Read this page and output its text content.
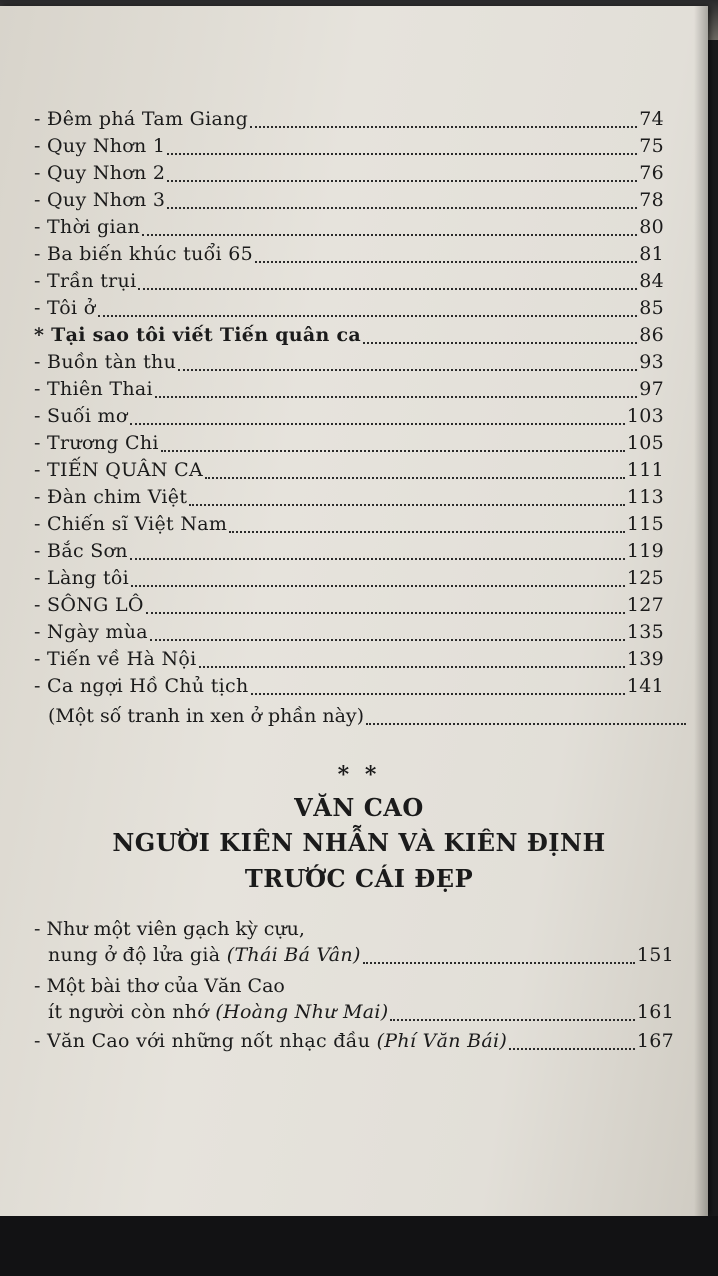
- Đêm phá Tam Giang	74
- Quy Nhơn 1	75
- Quy Nhơn 2	76
- Quy Nhơn 3	78
- Thời gian	80
- Ba biến khúc tuổi 65	81
- Trần trụi	84
- Tôi ở	85
* Tại sao tôi viết Tiến quân ca	86
- Buồn tàn thu	93
- Thiên Thai	97
- Suối mơ	103
- Trương Chi	105
- TIẾN QUÂN CA	111
- Đàn chim Việt	113
- Chiến sĩ Việt Nam	115
- Bắc Sơn	119
- Làng tôi	125
- SÔNG LÔ	127
- Ngày mùa	135
- Tiến về Hà Nội	139
- Ca ngợi Hồ Chủ tịch	141
(Một số tranh in xen ở phần này)
* *
VĂN CAO
NGƯỜI KIÊN NHẪN VÀ KIÊN ĐỊNH
TRƯỚC CÁI ĐẸP
- Như một viên gạch kỳ cựu,
nung ở độ lửa già (Thái Bá Vân)	151
- Một bài thơ của Văn Cao
ít người còn nhớ (Hoàng Như Mai)	161
- Văn Cao với những nốt nhạc đầu (Phí Văn Bái)	167
